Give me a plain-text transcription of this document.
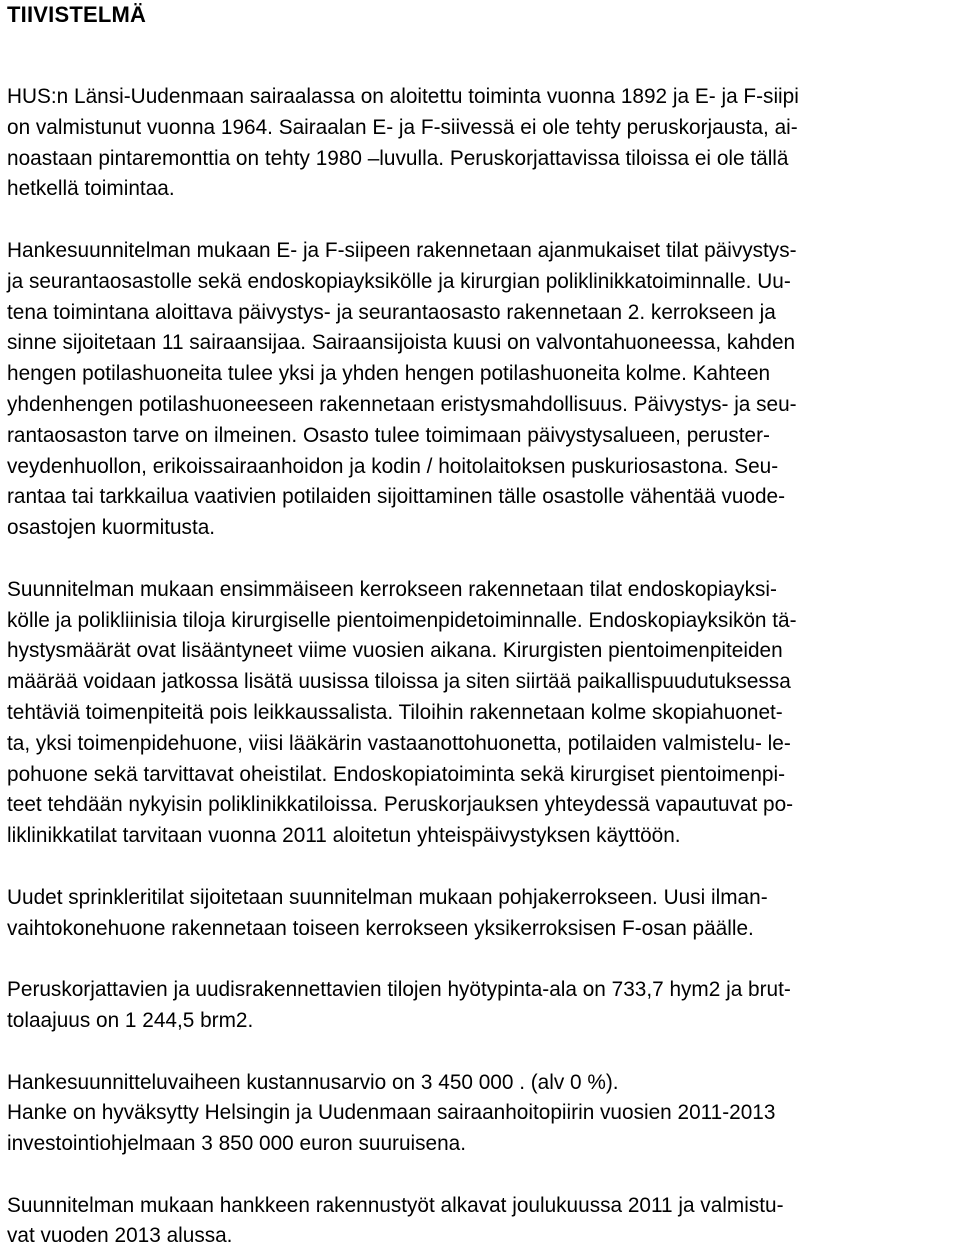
TIIVISTELMÄ

HUS:n Länsi-Uudenmaan sairaalassa on aloitettu toiminta vuonna 1892 ja E- ja F-siipi
on valmistunut vuonna 1964. Sairaalan E- ja F-siivessä ei ole tehty peruskorjausta, ai-
noastaan pintaremonttia on tehty 1980 –luvulla. Peruskorjattavissa tiloissa ei ole tällä
hetkellä toimintaa.

Hankesuunnitelman mukaan E- ja F-siipeen rakennetaan ajanmukaiset tilat päivystys-
ja seurantaosastolle sekä endoskopiayksikölle ja kirurgian poliklinikkatoiminnalle. Uu-
tena toimintana aloittava päivystys- ja seurantaosasto rakennetaan 2. kerrokseen ja
sinne sijoitetaan 11 sairaansijaa. Sairaansijoista kuusi on valvontahuoneessa, kahden
hengen potilashuoneita tulee yksi ja yhden hengen potilashuoneita kolme. Kahteen
yhdenhengen potilashuoneeseen rakennetaan eristysmahdollisuus. Päivystys- ja seu-
rantaosaston tarve on ilmeinen. Osasto tulee toimimaan päivystysalueen, peruster-
veydenhuollon, erikoissairaanhoidon ja kodin / hoitolaitoksen puskuriosastona. Seu-
rantaa tai tarkkailua vaativien potilaiden sijoittaminen tälle osastolle vähentää vuode-
osastojen kuormitusta.

Suunnitelman mukaan ensimmäiseen kerrokseen rakennetaan tilat endoskopiayksi-
kölle ja polikliinisia tiloja kirurgiselle pientoimenpidetoiminnalle. Endoskopiayksikön tä-
hystysmäärät ovat lisääntyneet viime vuosien aikana. Kirurgisten pientoimenpiteiden
määrää voidaan jatkossa lisätä uusissa tiloissa ja siten siirtää paikallispuudutuksessa
tehtäviä toimenpiteitä pois leikkaussalista. Tiloihin rakennetaan kolme skopiahuonet-
ta, yksi toimenpidehuone, viisi lääkärin vastaanottohuonetta, potilaiden valmistelu- le-
pohuone sekä tarvittavat oheistilat. Endoskopiatoiminta sekä kirurgiset pientoimenpi-
teet tehdään nykyisin poliklinikkatiloissa. Peruskorjauksen yhteydessä vapautuvat po-
liklinikkatilat tarvitaan vuonna 2011 aloitetun yhteispäivystyksen käyttöön.

Uudet sprinkleritilat sijoitetaan suunnitelman mukaan pohjakerrokseen. Uusi ilman-
vaihtokonehuone rakennetaan toiseen kerrokseen yksikerroksisen F-osan päälle.

Peruskorjattavien ja uudisrakennettavien tilojen hyötypinta-ala on 733,7 hym2 ja brut-
tolaajuus on 1 244,5 brm2.

Hankesuunnitteluvaiheen kustannusarvio on 3 450 000 . (alv 0 %).
Hanke on hyväksytty Helsingin ja Uudenmaan sairaanhoitopiirin vuosien 2011-2013
investointiohjelmaan 3 850 000 euron suuruisena.

Suunnitelman mukaan hankkeen rakennustyöt alkavat joulukuussa 2011 ja valmistu-
vat vuoden 2013 alussa.
